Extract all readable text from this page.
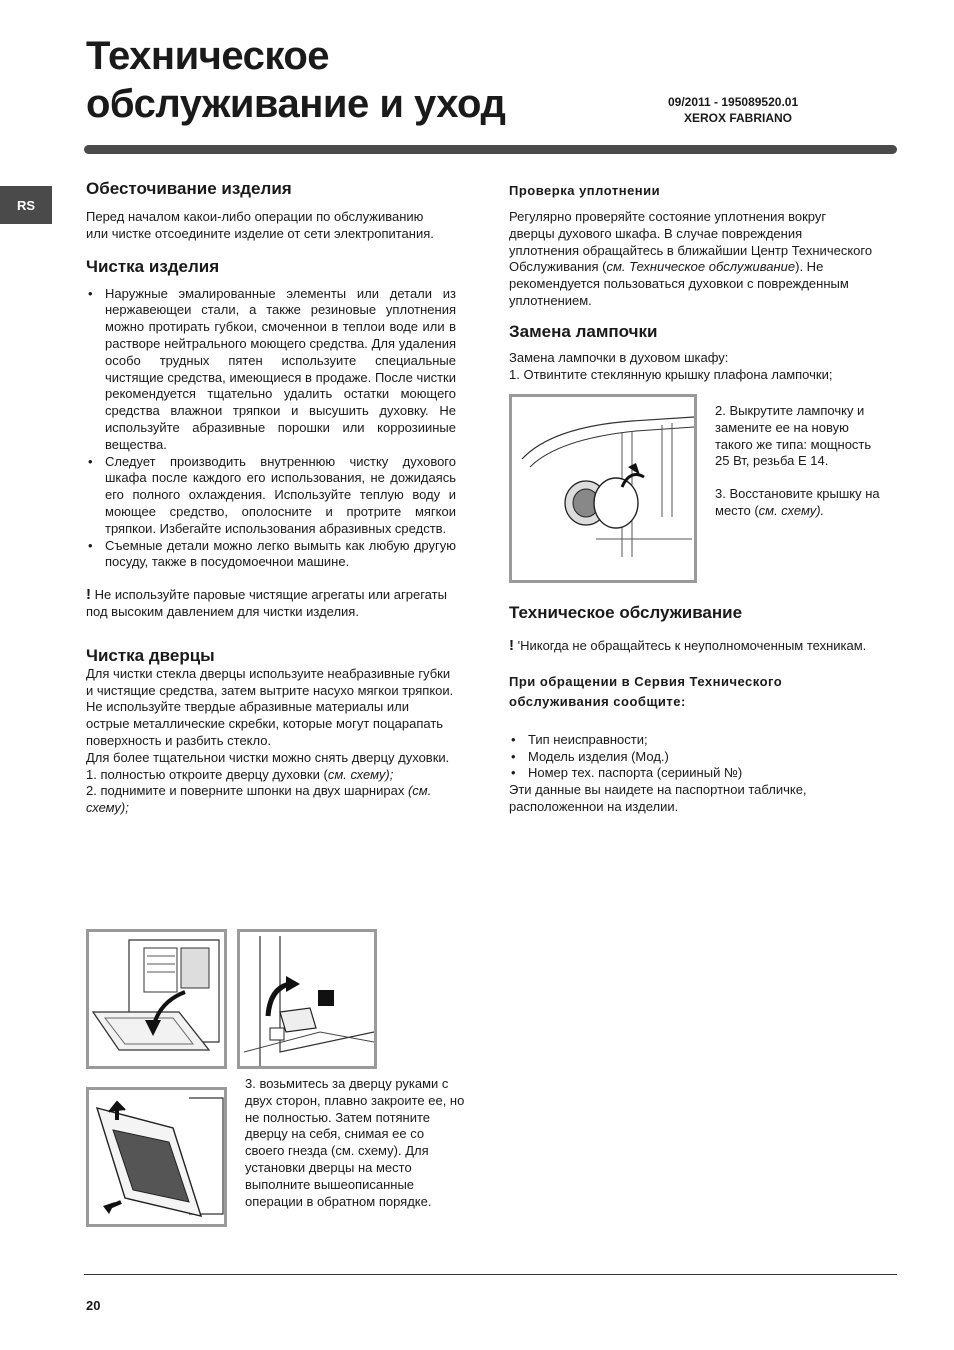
Техническое
обслуживание и уход	09/2011 - 195089520.01
XEROX FABRIANO
RS
Обесточивание изделия

Перед началом какои-либо операции по обслуживанию или чистке отсоедините изделие от сети электропитания.

Чистка изделия
• Наружные эмалированные элементы или детали из нержавеющеи стали, а также резиновые уплотнения можно протирать губкои, смоченнои в теплои воде или в растворе нейтрального моющего средства. Для удаления особо трудных пятен используите специальные чистящие средства, имеющиеся в продаже. После чистки рекомендуется тщательно удалить остатки моющего средства влажнои тряпкои и высушить духовку. Не используйте абразивные порошки или коррозииные вещества.
• Следует производить внутреннюю чистку духового шкафа после каждого его использования, не дожидаясь его полного охлаждения. Используйте теплую воду и моющее средство, ополосните и протрите мягкои тряпкои. Избегайте использования абразивных средств.
• Съемные детали можно легко вымыть как любую другую посуду, также в посудомоечнои машине.

! Не используйте паровые чистящие агрегаты или агрегаты под высоким давлением для чистки изделия.

Чистка дверцы

Для чистки стекла дверцы используите неабразивные губки и чистящие средства, затем вытрите насухо мягкои тряпкои. Не используйте твердые абразивные материалы или острые металлические скребки, которые могут поцарапать поверхность и разбить стекло.

Для более тщательнои чистки можно снять дверцу духовки.

1. полностью откроите дверцу духовки (см. схему);

2. поднимите и поверните шпонки на двух шарнирах (см. схему);

3. возьмитесь за дверцу руками с двух сторон, плавно закроите ее, но не полностью. Затем потяните дверцу на себя, снимая ее со своего гнезда (см. схему). Для установки дверцы на место выполните вышеописанные операции в обратном порядке.

Проверка уплотнении

Регулярно проверяйте состояние уплотнения вокруг дверцы духового шкафа. В случае повреждения уплотнения обращайтесь в ближайшии Центр Технического Обслуживания (см. Техническое обслуживание). Не рекомендуется пользоваться духовкои с поврежденным уплотнением.

Замена лампочки

Замена лампочки в духовом шкафу:

1. Отвинтите стеклянную крышку плафона лампочки;

2. Выкрутите лампочку и замените ее на новую такого же типа: мощность 25 Вт, резьба Е 14.

3. Восстановите крышку на место (см. схему).

Техническое обслуживание

! 'Никогда не обращайтесь к неуполномоченным техникам.

При обращении в Сервия Технического обслуживания сообщите:
• Тип неисправности;
• Модель изделия (Мод.)
• Номер тех. паспорта (серииный №)

Эти данные вы наидете на паспортнои табличке, расположеннои на изделии.

20
